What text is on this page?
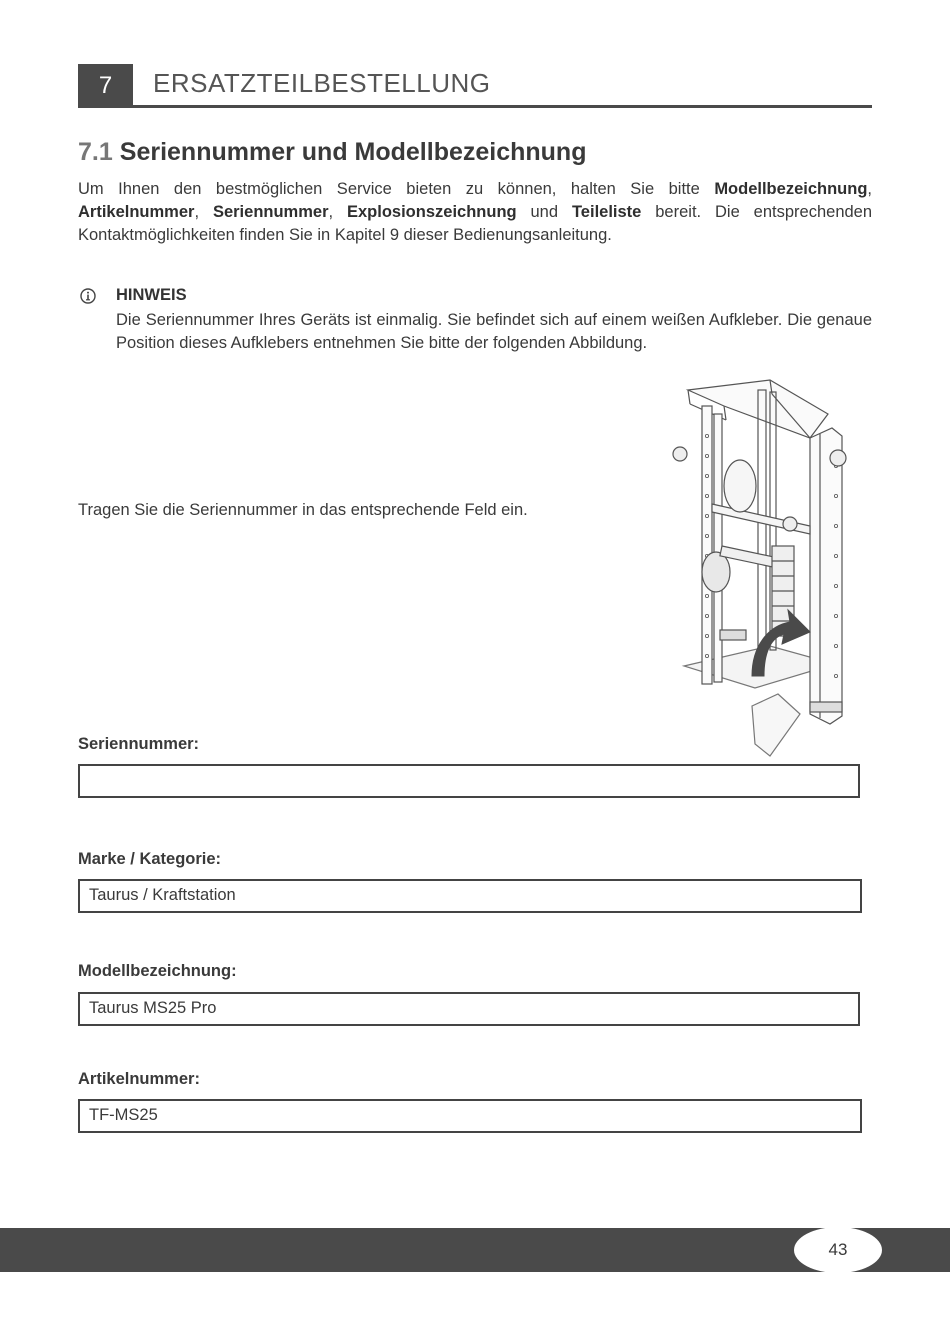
7	ERSATZTEILBESTELLUNG
7.1 Seriennummer und Modellbezeichnung
Um Ihnen den bestmöglichen Service bieten zu können, halten Sie bitte Modellbezeichnung, Artikelnummer, Seriennummer, Explosionszeichnung und Teileliste bereit. Die entsprechenden Kontaktmöglichkeiten finden Sie in Kapitel 9 dieser Bedienungsanleitung.
HINWEIS
Die Seriennummer Ihres Geräts ist einmalig. Sie befindet sich auf einem weißen Aufkleber. Die genaue Position dieses Aufklebers entnehmen Sie bitte der folgenden Abbildung.
Tragen Sie die Seriennummer in das entsprechende Feld ein.
Seriennummer:
Marke / Kategorie:
Taurus / Kraftstation
Modellbezeichnung:
Taurus MS25 Pro
Artikelnummer:
TF-MS25
43
